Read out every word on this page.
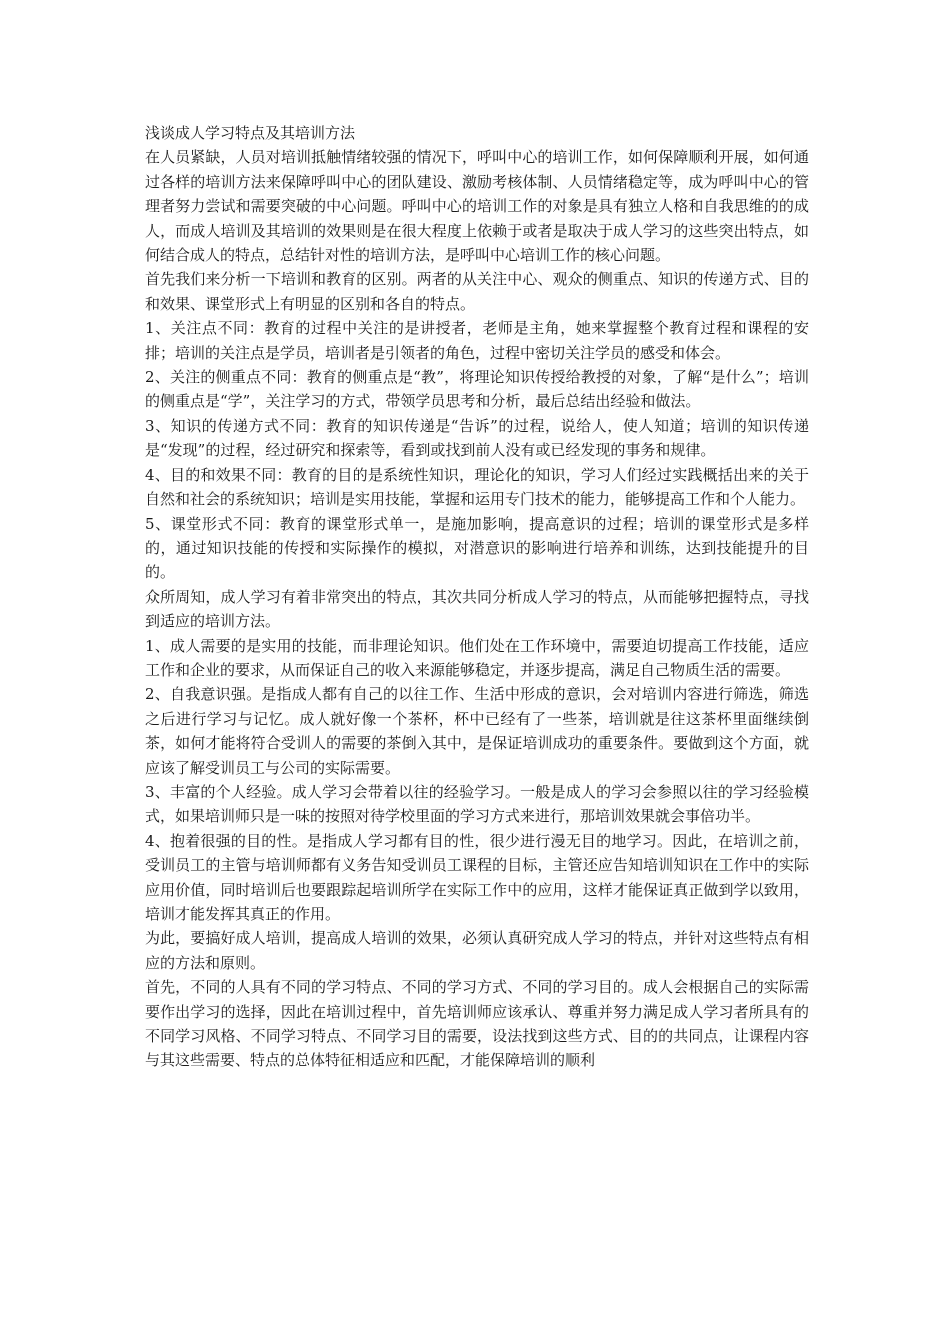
浅谈成人学习特点及其培训方法

在人员紧缺，人员对培训抵触情绪较强的情况下，呼叫中心的培训工作，如何保障顺利开展，如何通过各样的培训方法来保障呼叫中心的团队建设、激励考核体制、人员情绪稳定等，成为呼叫中心的管理者努力尝试和需要突破的中心问题。呼叫中心的培训工作的对象是具有独立人格和自我思维的的成人，而成人培训及其培训的效果则是在很大程度上依赖于或者是取决于成人学习的这些突出特点，如何结合成人的特点，总结针对性的培训方法，是呼叫中心培训工作的核心问题。

首先我们来分析一下培训和教育的区别。两者的从关注中心、观众的侧重点、知识的传递方式、目的和效果、课堂形式上有明显的区别和各自的特点。

1、关注点不同：教育的过程中关注的是讲授者，老师是主角，她来掌握整个教育过程和课程的安排；培训的关注点是学员，培训者是引领者的角色，过程中密切关注学员的感受和体会。

2、关注的侧重点不同：教育的侧重点是“教”，将理论知识传授给教授的对象，了解“是什么”；培训的侧重点是“学”，关注学习的方式，带领学员思考和分析，最后总结出经验和做法。

3、知识的传递方式不同：教育的知识传递是“告诉”的过程，说给人，使人知道；培训的知识传递是“发现”的过程，经过研究和探索等，看到或找到前人没有或已经发现的事务和规律。

4、目的和效果不同：教育的目的是系统性知识，理论化的知识，学习人们经过实践概括出来的关于自然和社会的系统知识；培训是实用技能，掌握和运用专门技术的能力，能够提高工作和个人能力。

5、课堂形式不同：教育的课堂形式单一，是施加影响，提高意识的过程；培训的课堂形式是多样的，通过知识技能的传授和实际操作的模拟，对潜意识的影响进行培养和训练，达到技能提升的目的。

众所周知，成人学习有着非常突出的特点，其次共同分析成人学习的特点，从而能够把握特点，寻找到适应的培训方法。

1、成人需要的是实用的技能，而非理论知识。他们处在工作环境中，需要迫切提高工作技能，适应工作和企业的要求，从而保证自己的收入来源能够稳定，并逐步提高，满足自己物质生活的需要。

2、自我意识强。是指成人都有自己的以往工作、生活中形成的意识，会对培训内容进行筛选，筛选之后进行学习与记忆。成人就好像一个茶杯，杯中已经有了一些茶，培训就是往这茶杯里面继续倒茶，如何才能将符合受训人的需要的茶倒入其中，是保证培训成功的重要条件。要做到这个方面，就应该了解受训员工与公司的实际需要。

3、丰富的个人经验。成人学习会带着以往的经验学习。一般是成人的学习会参照以往的学习经验模式，如果培训师只是一味的按照对待学校里面的学习方式来进行，那培训效果就会事倍功半。

4、抱着很强的目的性。是指成人学习都有目的性，很少进行漫无目的地学习。因此，在培训之前，受训员工的主管与培训师都有义务告知受训员工课程的目标，主管还应告知培训知识在工作中的实际应用价值，同时培训后也要跟踪起培训所学在实际工作中的应用，这样才能保证真正做到学以致用，培训才能发挥其真正的作用。

为此，要搞好成人培训，提高成人培训的效果，必须认真研究成人学习的特点，并针对这些特点有相应的方法和原则。

首先，不同的人具有不同的学习特点、不同的学习方式、不同的学习目的。成人会根据自己的实际需要作出学习的选择，因此在培训过程中，首先培训师应该承认、尊重并努力满足成人学习者所具有的不同学习风格、不同学习特点、不同学习目的需要，设法找到这些方式、目的的共同点，让课程内容与其这些需要、特点的总体特征相适应和匹配，才能保障培训的顺利
